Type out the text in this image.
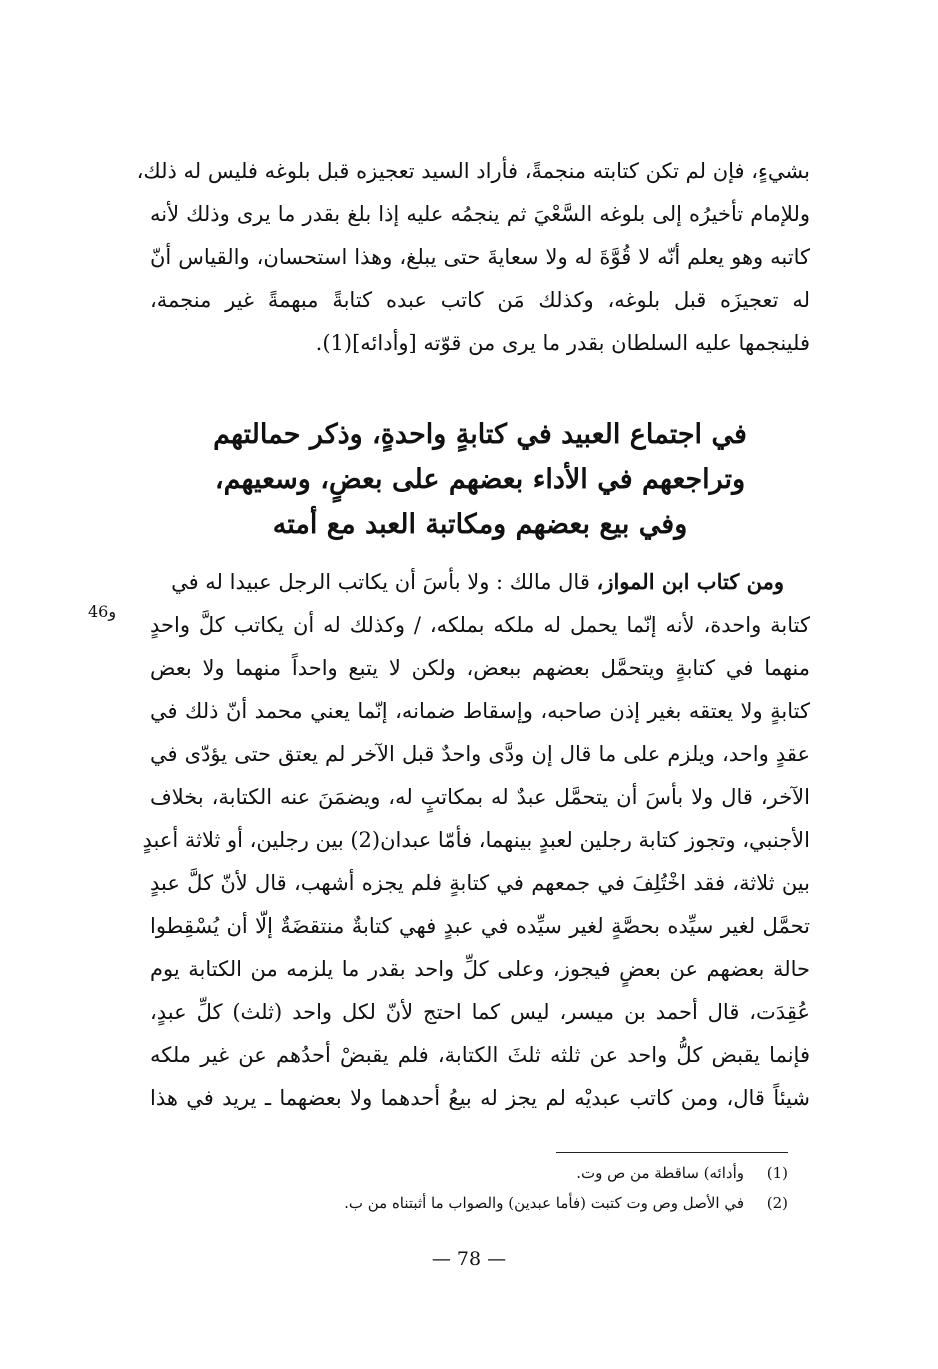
بشيءٍ، فإن لم تكن كتابته منجمةً، فأراد السيد تعجيزه قبل بلوغه فليس له ذلك،
وللإمام تأخيرُه إلى بلوغه السَّعْيَ ثم ينجمُه عليه إذا بلغ بقدر ما يرى وذلك لأنه
كاتبه وهو يعلم أنّه لا قُوَّةَ له ولا سعايةَ حتى يبلغ، وهذا استحسان، والقياس أنّ
له تعجيزَه قبل بلوغه، وكذلك مَن كاتب عبده كتابةً مبهمةً غير منجمة،
فلينجمها عليه السلطان بقدر ما يرى من قوّته [وأدائه](1).
في اجتماع العبيد في كتابةٍ واحدةٍ، وذكر حمالتهم
وتراجعهم في الأداء بعضهم على بعضٍ، وسعيهم،
وفي بيع بعضهم ومكاتبة العبد مع أمته
ومن كتاب ابن المواز، قال مالك : ولا بأسَ أن يكاتب الرجل عبيدا له في
كتابة واحدة، لأنه إنّما يحمل له ملكه بملكه، / وكذلك له أن يكاتب كلَّ واحدٍ
منهما في كتابةٍ ويتحمَّل بعضهم ببعض، ولكن لا يتبع واحداً منهما ولا بعض
كتابةٍ ولا يعتقه بغير إذن صاحبه، وإسقاط ضمانه، إنّما يعني محمد أنّ ذلك في
عقدٍ واحد، ويلزم على ما قال إن ودَّى واحدٌ قبل الآخر لم يعتق حتى يؤدّى في
الآخر، قال ولا بأسَ أن يتحمَّل عبدٌ له بمكاتبٍ له، ويضمَنَ عنه الكتابة، بخلاف
الأجنبي، وتجوز كتابة رجلين لعبدٍ بينهما، فأمّا عبدان(2) بين رجلين، أو ثلاثة أعبدٍ
بين ثلاثة، فقد اخْتُلِفَ في جمعهم في كتابةٍ فلم يجزه أشهب، قال لأنّ كلَّ عبدٍ
تحمَّل لغير سيِّده بحصَّةٍ لغير سيِّده في عبدٍ فهي كتابةٌ منتقضَةٌ إلّا أن يُسْقِطوا
حالة بعضهم عن بعضٍ فيجوز، وعلى كلِّ واحد بقدر ما يلزمه من الكتابة يوم
عُقِدَت، قال أحمد بن ميسر، ليس كما احتج لأنّ لكل واحد (ثلث) كلِّ عبدٍ،
فإنما يقبض كلُّ واحد عن ثلثه ثلثَ الكتابة، فلم يقبضْ أحدُهم عن غير ملكه
شيئاً قال، ومن كاتب عبديْه لم يجز له بيعُ أحدهما ولا بعضهما ـ يريد في هذا
46و
(1)وأدائه) ساقطة من ص وت.
(2)في الأصل وص وت كتبت (فأما عبدين) والصواب ما أثبتناه من ب.
— 78 —
